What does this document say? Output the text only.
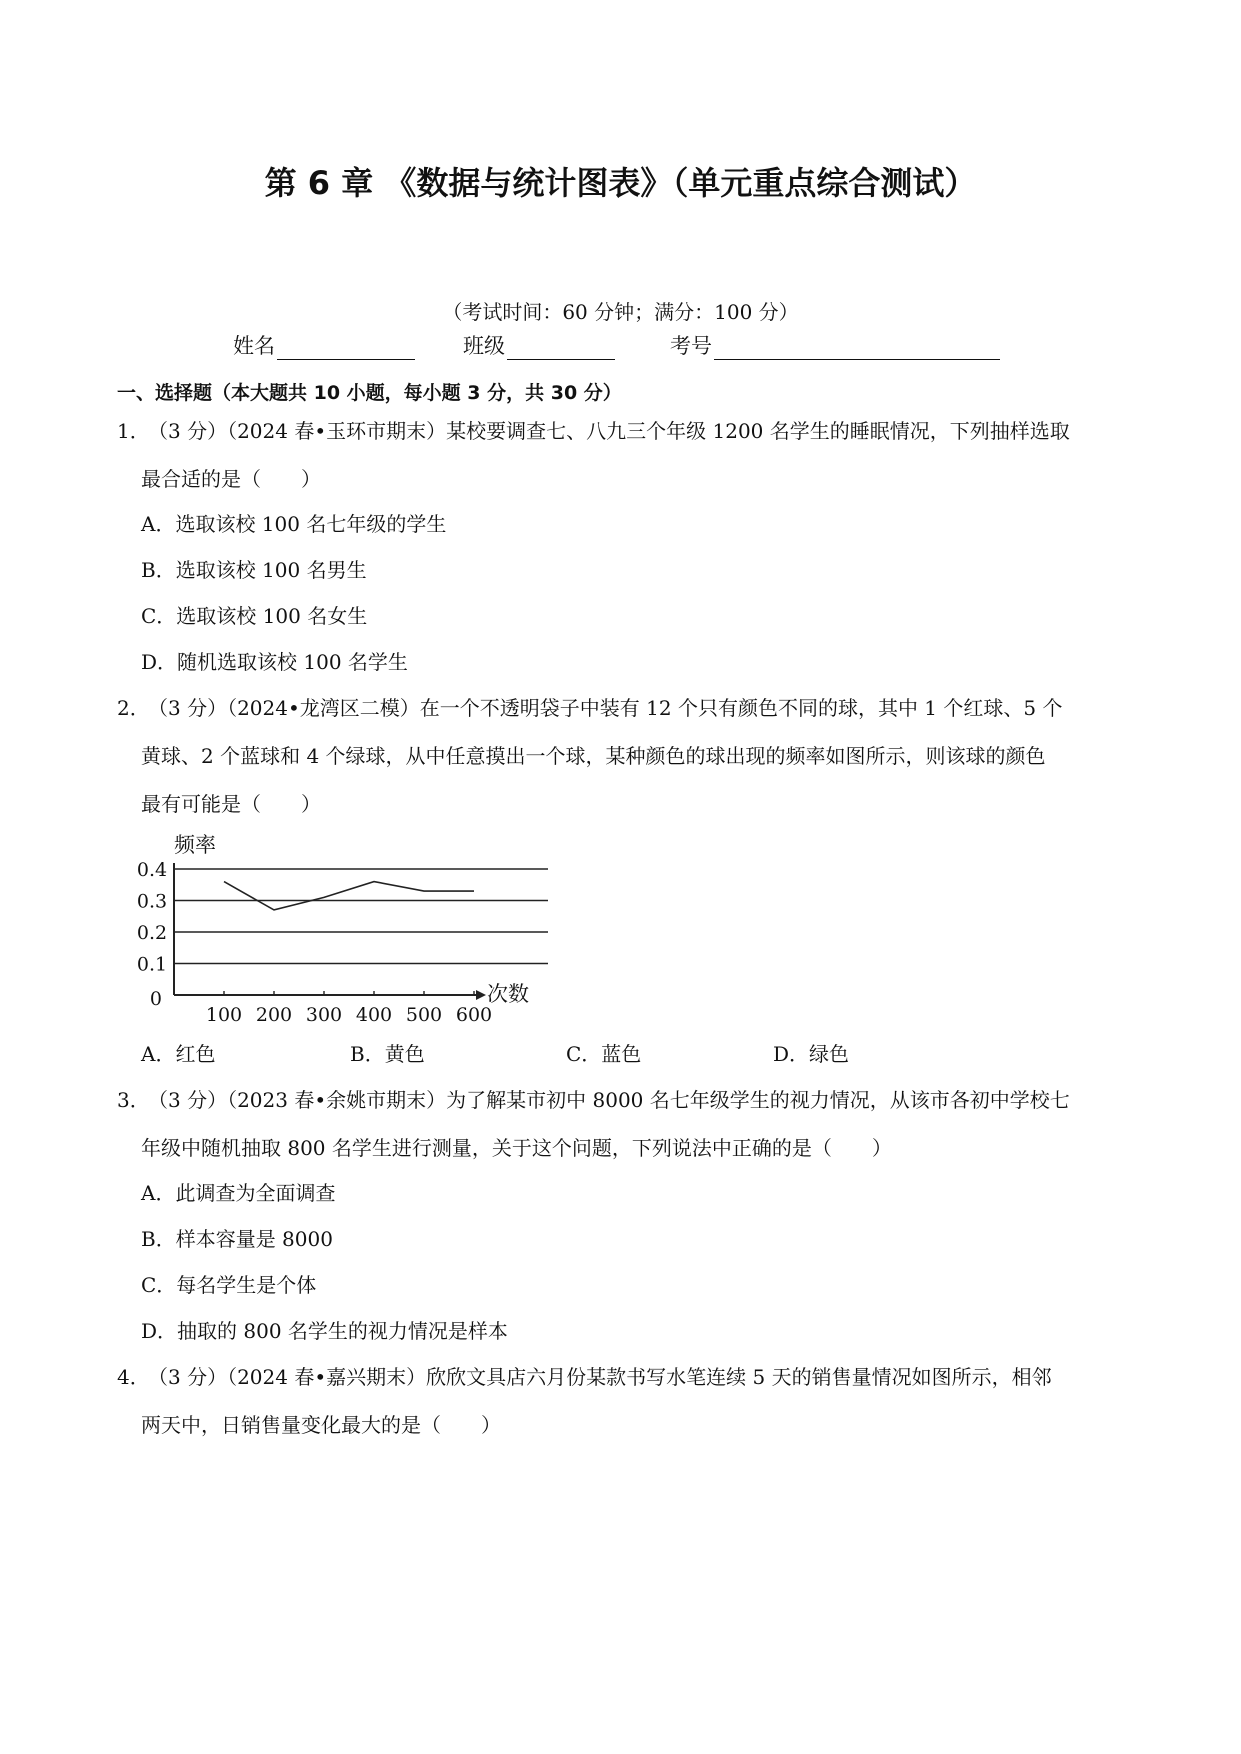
第 6 章 《数据与统计图表》（单元重点综合测试）
（考试时间：60 分钟；满分：100 分）
姓名	班级	考号
一、选择题（本大题共 10 小题，每小题 3 分，共 30 分）
1．
（3 分）（2024 春•玉环市期末）某校要调查七、八九三个年级 1200 名学生的睡眠情况，下列抽样选取
最合适的是（　　）
A．选取该校 100 名七年级的学生
B．选取该校 100 名男生
C．选取该校 100 名女生
D．随机选取该校 100 名学生
2．
（3 分）（2024•龙湾区二模）在一个不透明袋子中装有 12 个只有颜色不同的球，其中 1 个红球、5 个
黄球、2 个蓝球和 4 个绿球，从中任意摸出一个球，某种颜色的球出现的频率如图所示，则该球的颜色
最有可能是（　　）
频率
次数
0
0.1
0.2
0.3
0.4
100 200 300 400 500 600
A．红色	B．黄色	C．蓝色	D．绿色
3．
（3 分）（2023 春•余姚市期末）为了解某市初中 8000 名七年级学生的视力情况，从该市各初中学校七
年级中随机抽取 800 名学生进行测量，关于这个问题，下列说法中正确的是（　　）
A．此调查为全面调查
B．样本容量是 8000
C．每名学生是个体
D．抽取的 800 名学生的视力情况是样本
4．
（3 分）（2024 春•嘉兴期末）欣欣文具店六月份某款书写水笔连续 5 天的销售量情况如图所示，相邻
两天中，日销售量变化最大的是（　　）
